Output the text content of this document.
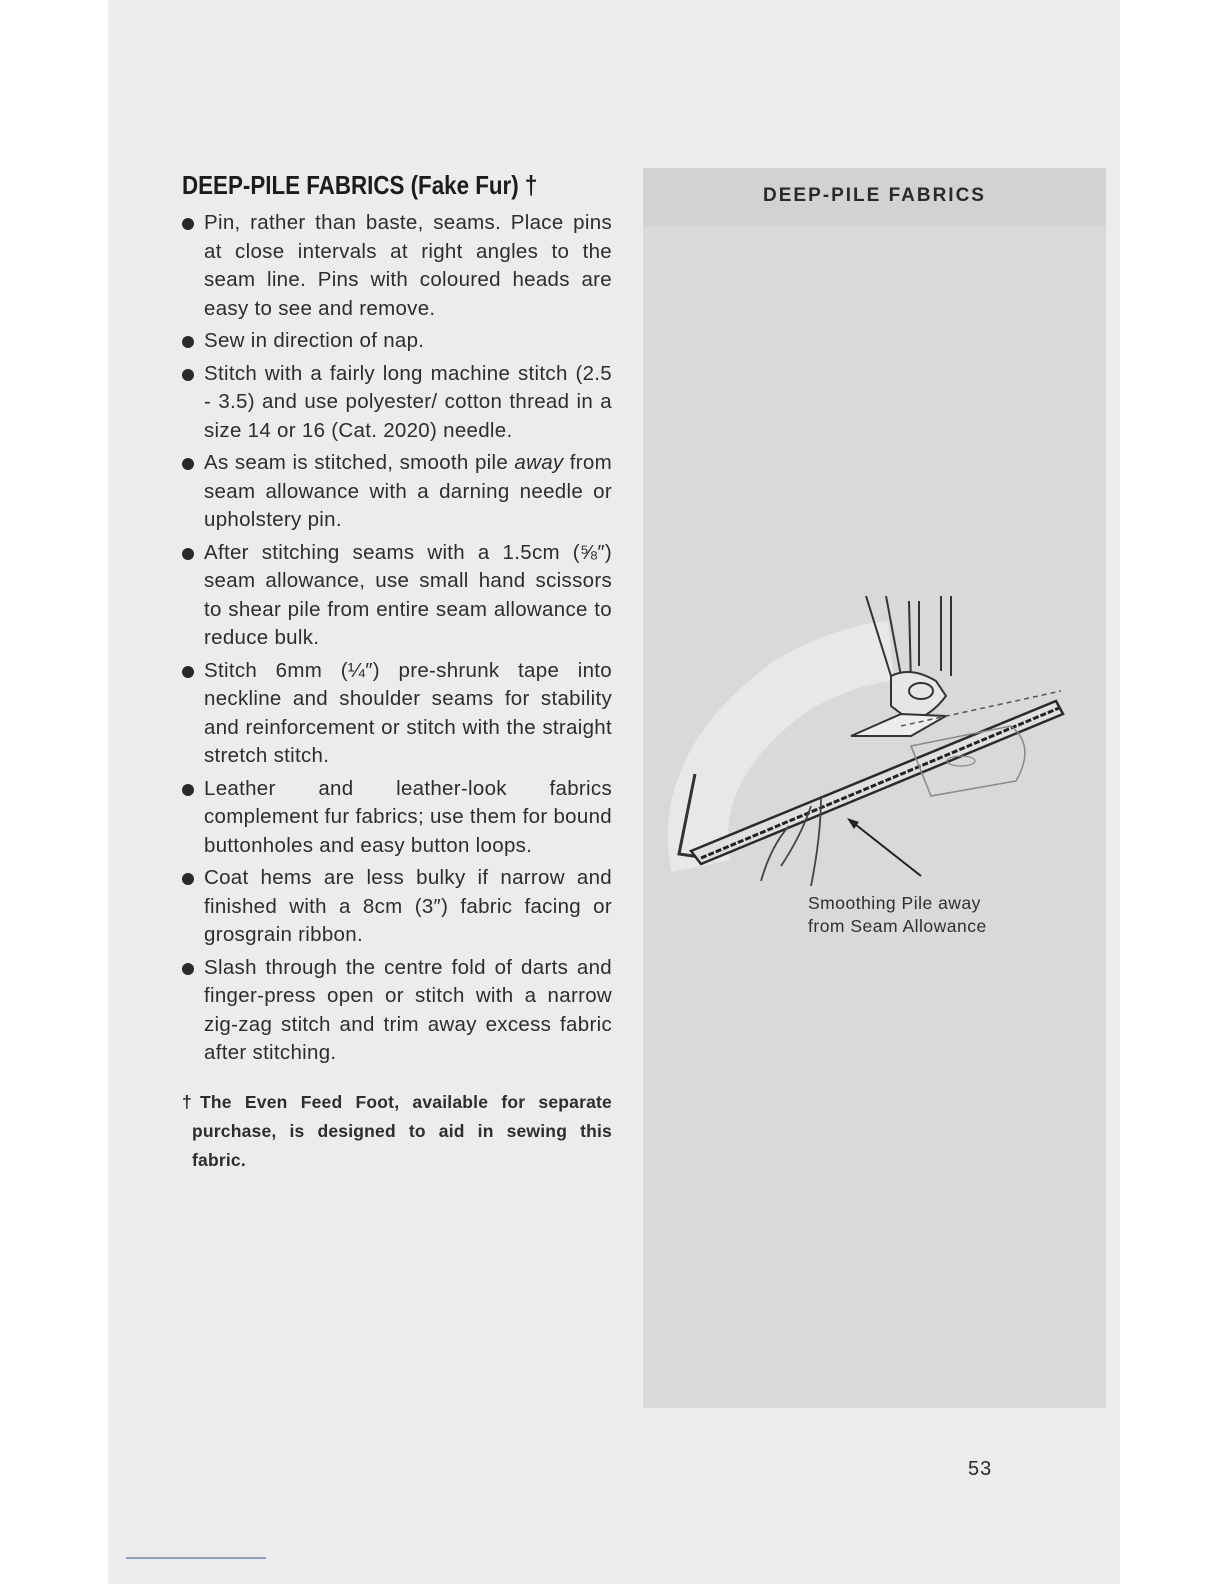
DEEP-PILE FABRICS (Fake Fur) †
Pin, rather than baste, seams. Place pins at close intervals at right angles to the seam line. Pins with coloured heads are easy to see and remove.
Sew in direction of nap.
Stitch with a fairly long machine stitch (2.5 - 3.5) and use polyester/ cotton thread in a size 14 or 16 (Cat. 2020) needle.
As seam is stitched, smooth pile away from seam allowance with a darning needle or upholstery pin.
After stitching seams with a 1.5cm (⅝″) seam allowance, use small hand scissors to shear pile from entire seam allowance to reduce bulk.
Stitch 6mm (¼″) pre-shrunk tape into neckline and shoulder seams for stability and reinforcement or stitch with the straight stretch stitch.
Leather and leather-look fabrics complement fur fabrics; use them for bound buttonholes and easy button loops.
Coat hems are less bulky if narrow and finished with a 8cm (3″) fabric facing or grosgrain ribbon.
Slash through the centre fold of darts and finger-press open or stitch with a narrow zig-zag stitch and trim away excess fabric after stitching.

†The Even Feed Foot, available for separate purchase, is designed to aid in sewing this fabric.

DEEP-PILE FABRICS
Smoothing Pile away
from Seam Allowance
53
